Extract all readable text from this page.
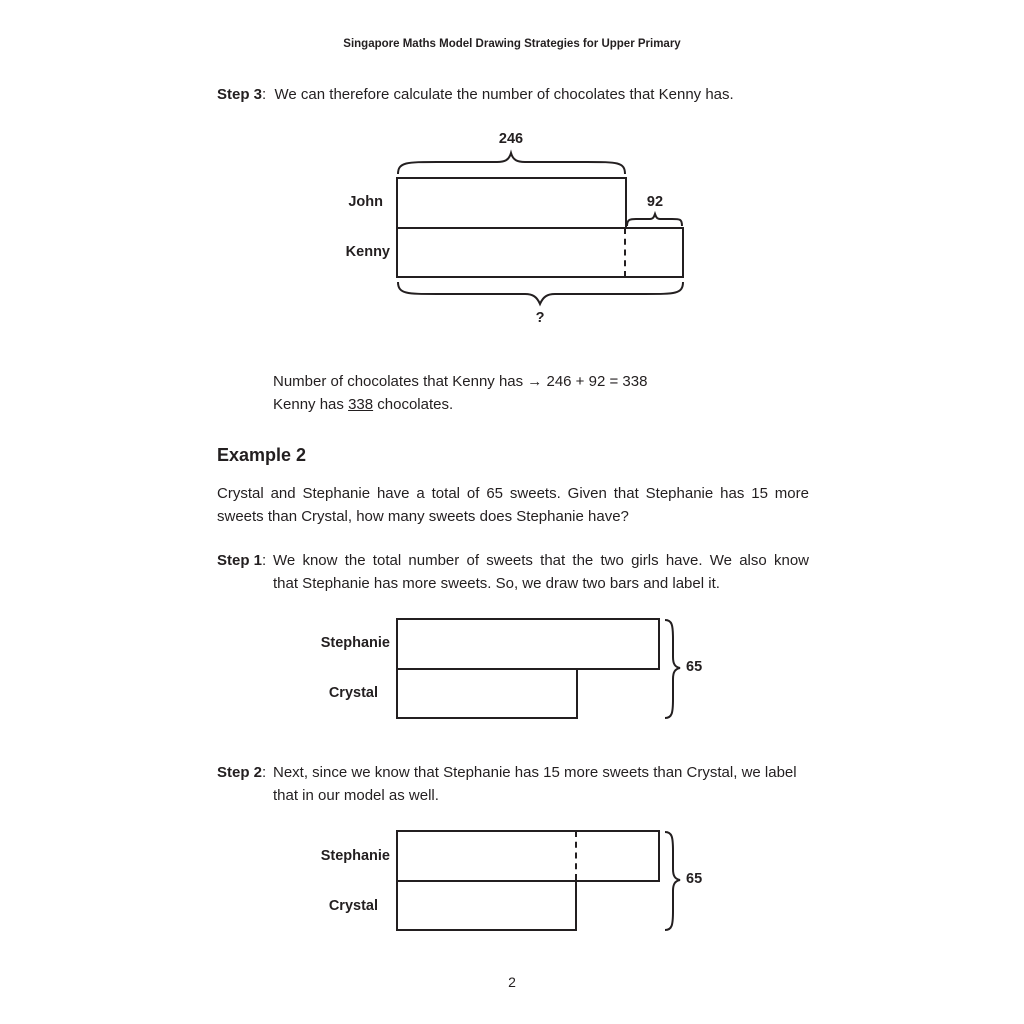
Singapore Maths Model Drawing Strategies for Upper Primary
Step 3: We can therefore calculate the number of chocolates that Kenny has.
246
John
Kenny
92
?
Number of chocolates that Kenny has → 246 + 92 = 338
Kenny has 338 chocolates.
Example 2
Crystal and Stephanie have a total of 65 sweets. Given that Stephanie has 15 more
sweets than Crystal, how many sweets does Stephanie have?
Step 1: We know the total number of sweets that the two girls have. We also know
that Stephanie has more sweets. So, we draw two bars and label it.
Stephanie
Crystal
65
Step 2: Next, since we know that Stephanie has 15 more sweets than Crystal, we label
that in our model as well.
Stephanie
Crystal
65
2
